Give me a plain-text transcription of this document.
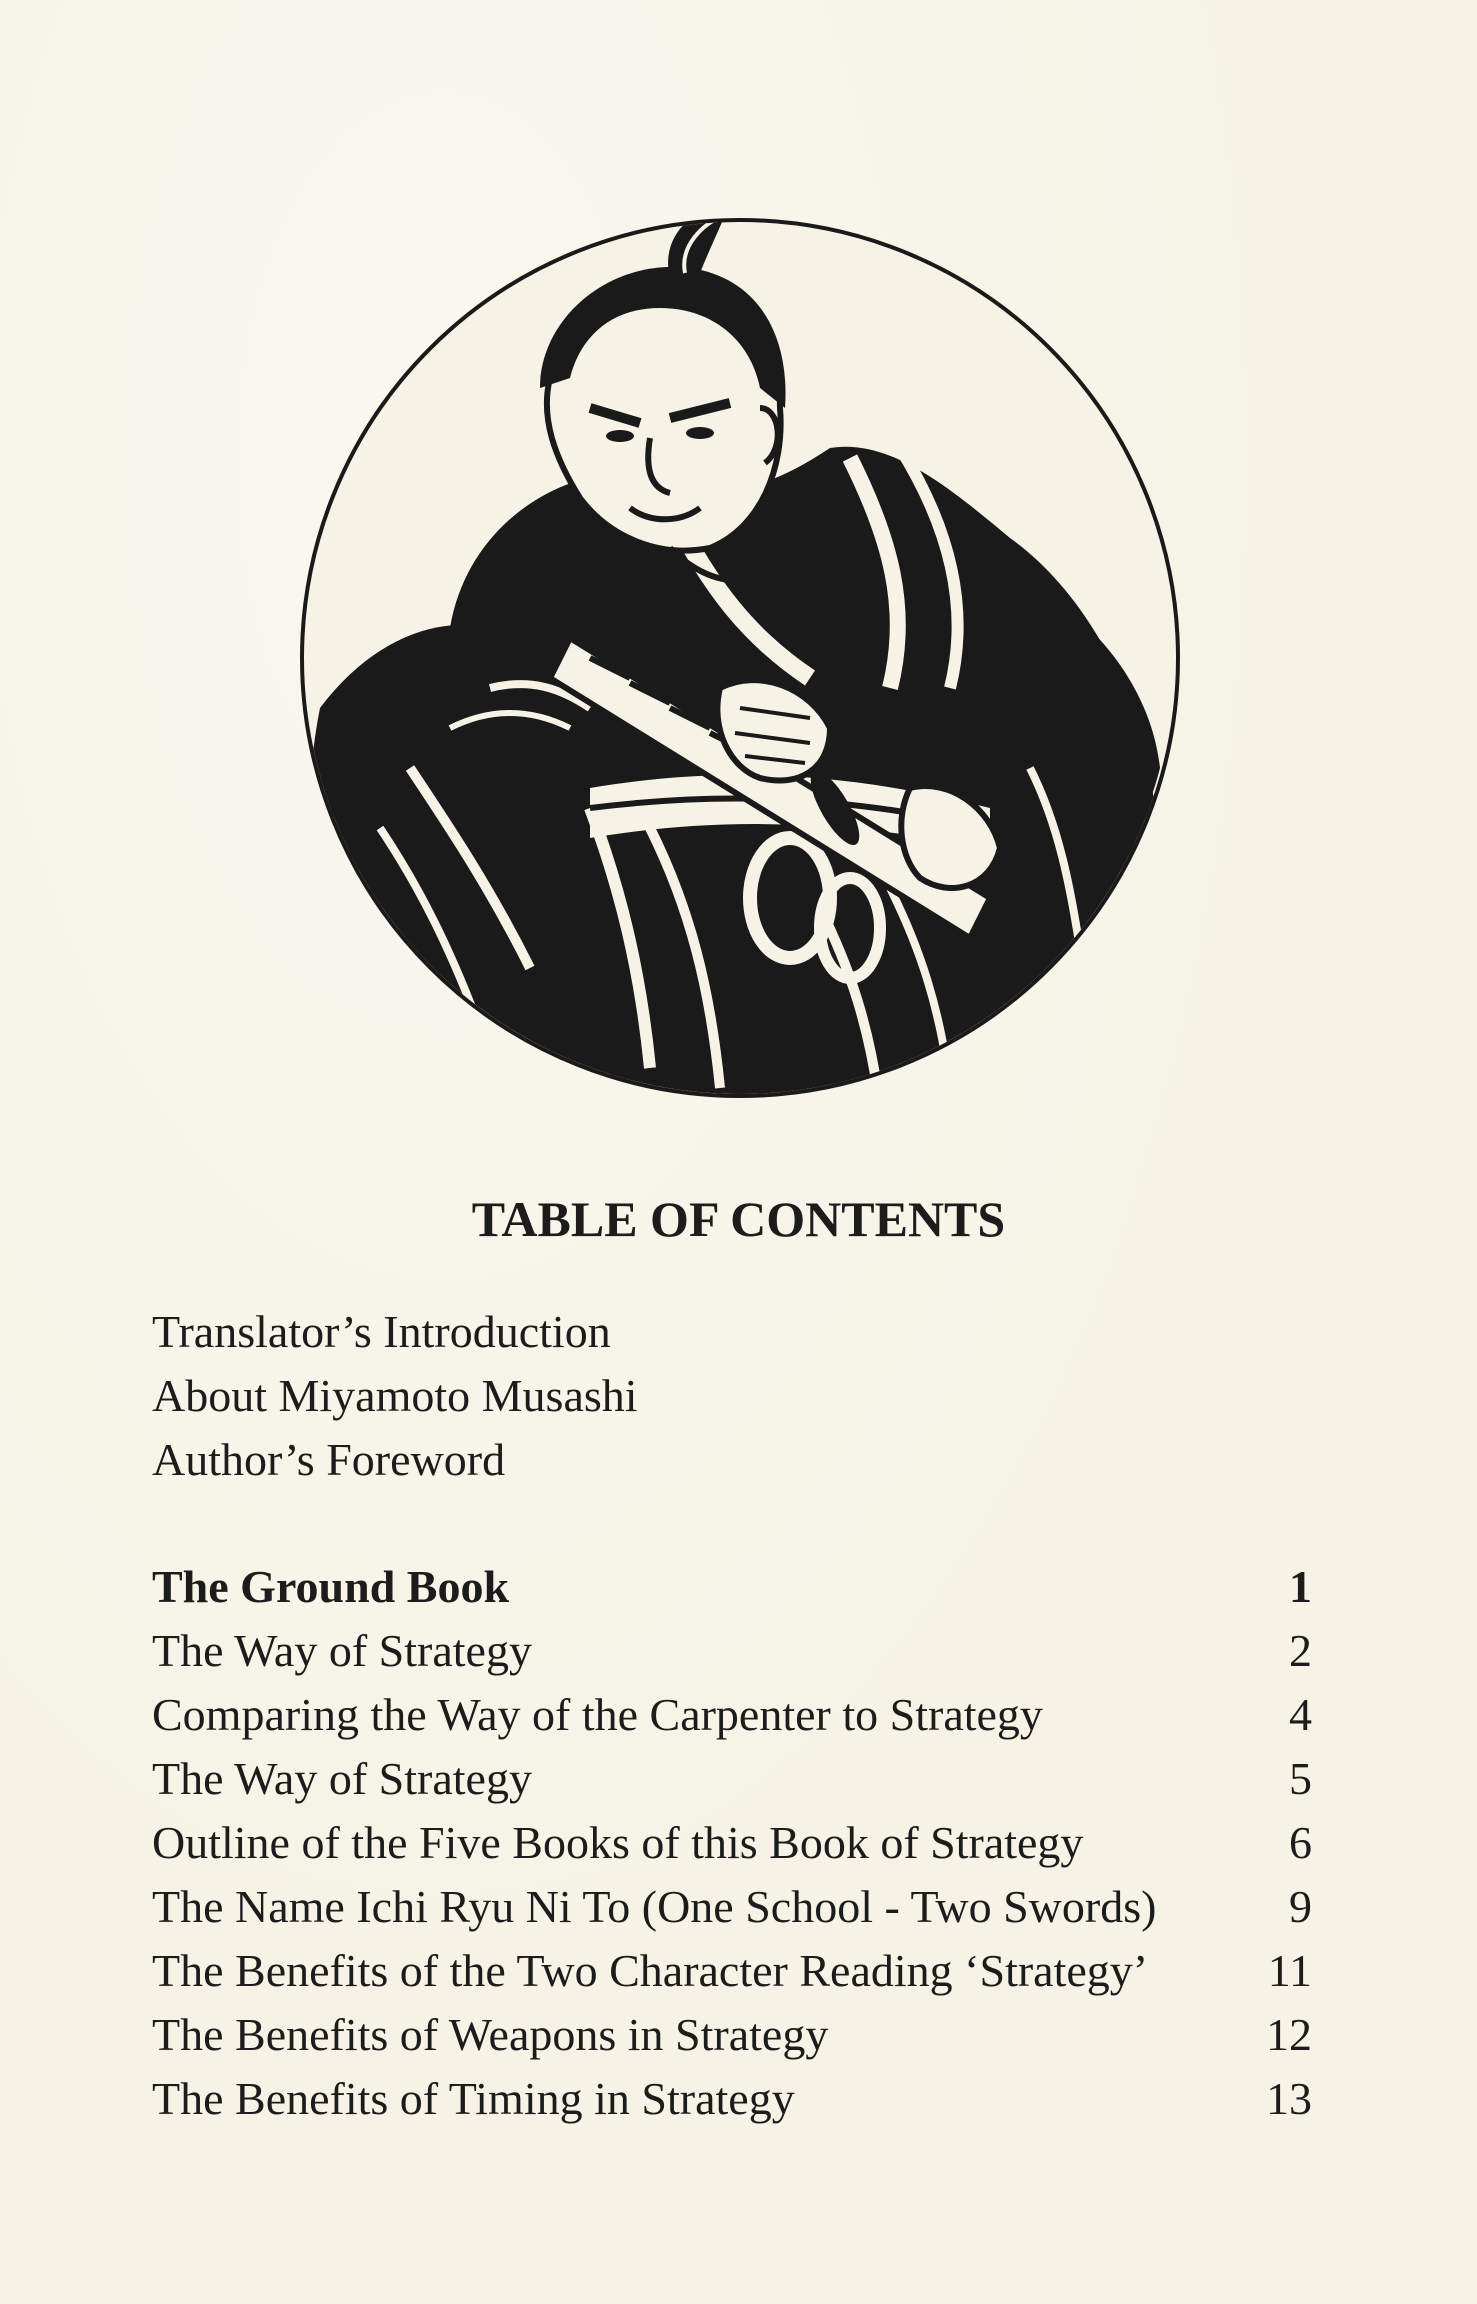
TABLE OF CONTENTS
Translator’s Introduction
About Miyamoto Musashi
Author’s Foreword
The Ground Book	1
The Way of Strategy	2
Comparing the Way of the Carpenter to Strategy	4
The Way of Strategy	5
Outline of the Five Books of this Book of Strategy	6
The Name Ichi Ryu Ni To (One School - Two Swords)	9
The Benefits of the Two Character Reading ‘Strategy’	11
The Benefits of Weapons in Strategy	12
The Benefits of Timing in Strategy	13
